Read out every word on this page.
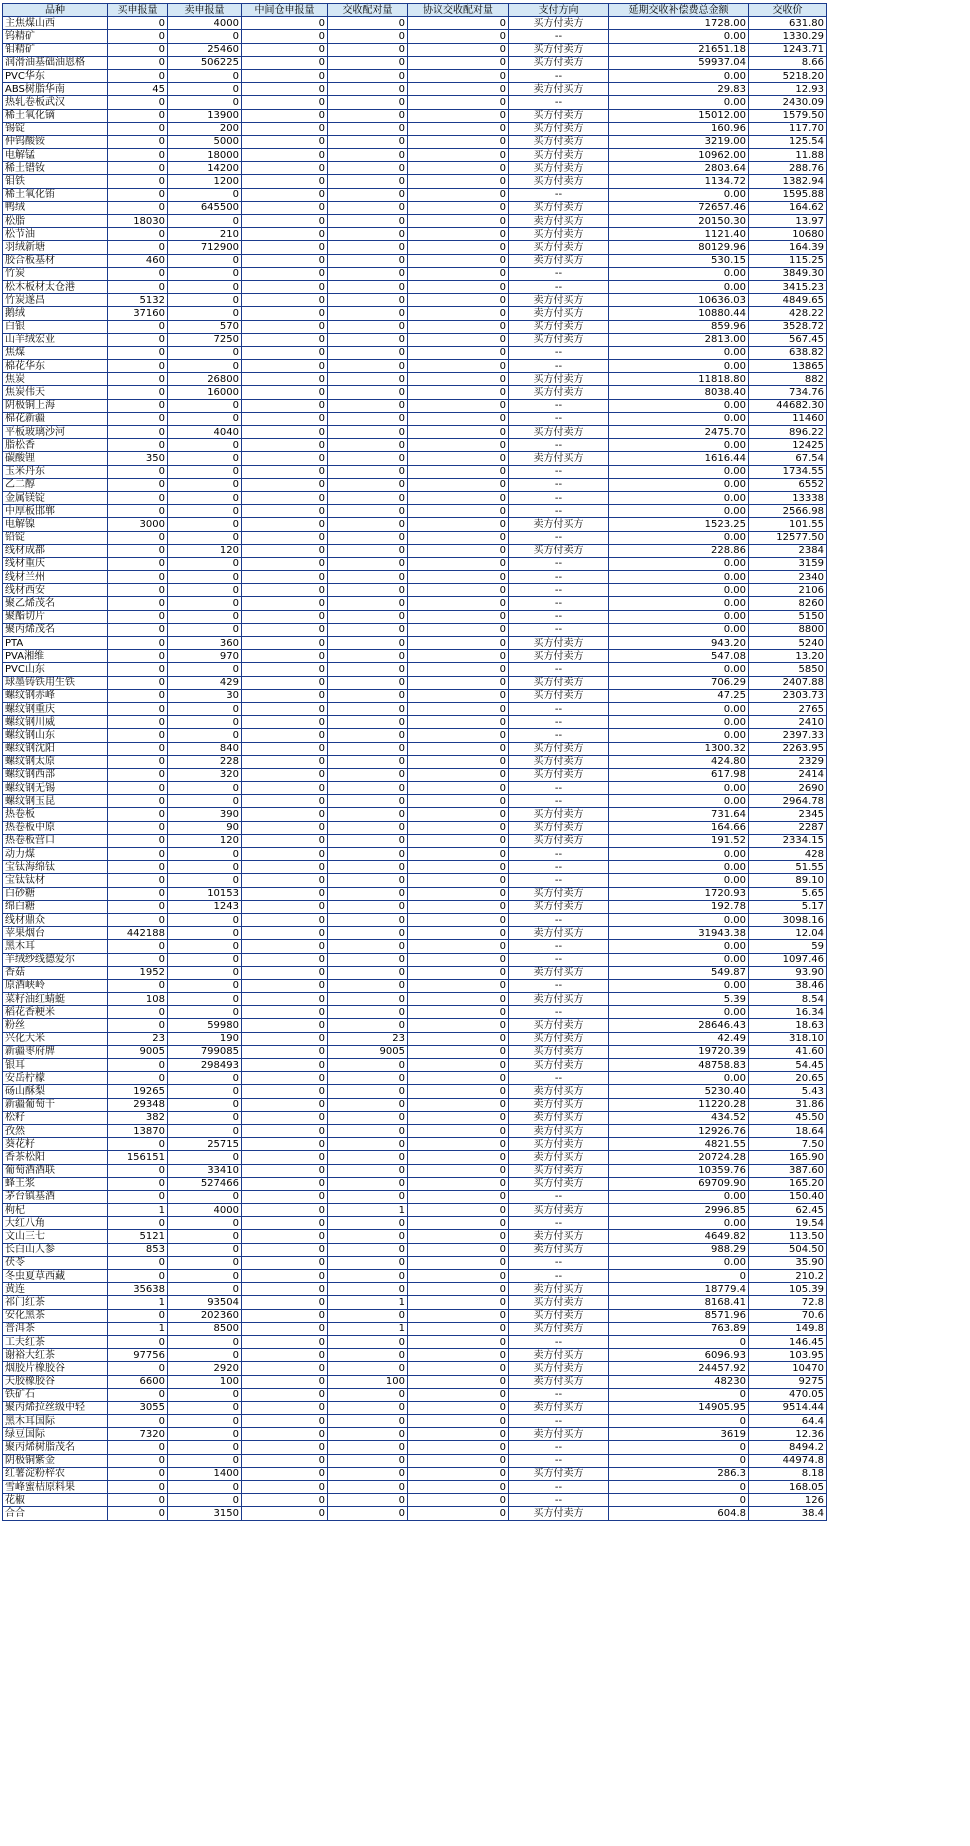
品种	买申报量	卖申报量	中间仓申报量	交收配对量	协议交收配对量	支付方向	延期交收补偿费总金额	交收价
主焦煤山西	0	4000	0	0	0	买方付卖方	1728.00	631.80
钨精矿	0	0	0	0	0	--	0.00	1330.29
钼精矿	0	25460	0	0	0	买方付卖方	21651.18	1243.71
润滑油基础油恩格	0	506225	0	0	0	买方付卖方	59937.04	8.66
PVC华东	0	0	0	0	0	--	0.00	5218.20
ABS树脂华南	45	0	0	0	0	卖方付买方	29.83	12.93
热轧卷板武汉	0	0	0	0	0	--	0.00	2430.09
稀土氧化镝	0	13900	0	0	0	买方付卖方	15012.00	1579.50
锡锭	0	200	0	0	0	买方付卖方	160.96	117.70
仲钨酸铵	0	5000	0	0	0	买方付卖方	3219.00	125.54
电解锰	0	18000	0	0	0	买方付卖方	10962.00	11.88
稀土镨钕	0	14200	0	0	0	买方付卖方	2803.64	288.76
钼铁	0	1200	0	0	0	买方付卖方	1134.72	1382.94
稀土氧化铕	0	0	0	0	0	--	0.00	1595.88
鸭绒	0	645500	0	0	0	买方付卖方	72657.46	164.62
松脂	18030	0	0	0	0	卖方付买方	20150.30	13.97
松节油	0	210	0	0	0	买方付卖方	1121.40	10680
羽绒新塘	0	712900	0	0	0	买方付卖方	80129.96	164.39
胶合板基材	460	0	0	0	0	卖方付买方	530.15	115.25
竹炭	0	0	0	0	0	--	0.00	3849.30
松木板材太仓港	0	0	0	0	0	--	0.00	3415.23
竹炭遂昌	5132	0	0	0	0	卖方付买方	10636.03	4849.65
鹅绒	37160	0	0	0	0	卖方付买方	10880.44	428.22
白银	0	570	0	0	0	买方付卖方	859.96	3528.72
山羊绒宏业	0	7250	0	0	0	买方付卖方	2813.00	567.45
焦煤	0	0	0	0	0	--	0.00	638.82
棉花华东	0	0	0	0	0	--	0.00	13865
焦炭	0	26800	0	0	0	买方付卖方	11818.80	882
焦炭伟天	0	16000	0	0	0	买方付卖方	8038.40	734.76
阴极铜上海	0	0	0	0	0	--	0.00	44682.30
棉花新疆	0	0	0	0	0	--	0.00	11460
平板玻璃沙河	0	4040	0	0	0	买方付卖方	2475.70	896.22
脂松香	0	0	0	0	0	--	0.00	12425
碳酸锂	350	0	0	0	0	卖方付买方	1616.44	67.54
玉米丹东	0	0	0	0	0	--	0.00	1734.55
乙二醇	0	0	0	0	0	--	0.00	6552
金属镁锭	0	0	0	0	0	--	0.00	13338
中厚板邯郸	0	0	0	0	0	--	0.00	2566.98
电解镍	3000	0	0	0	0	卖方付买方	1523.25	101.55
铅锭	0	0	0	0	0	--	0.00	12577.50
线材成都	0	120	0	0	0	买方付卖方	228.86	2384
线材重庆	0	0	0	0	0	--	0.00	3159
线材兰州	0	0	0	0	0	--	0.00	2340
线材西安	0	0	0	0	0	--	0.00	2106
聚乙烯茂名	0	0	0	0	0	--	0.00	8260
聚酯切片	0	0	0	0	0	--	0.00	5150
聚丙烯茂名	0	0	0	0	0	--	0.00	8800
PTA	0	360	0	0	0	买方付卖方	943.20	5240
PVA湘维	0	970	0	0	0	买方付卖方	547.08	13.20
PVC山东	0	0	0	0	0	--	0.00	5850
球墨铸铁用生铁	0	429	0	0	0	买方付卖方	706.29	2407.88
螺纹钢赤峰	0	30	0	0	0	买方付卖方	47.25	2303.73
螺纹钢重庆	0	0	0	0	0	--	0.00	2765
螺纹钢川威	0	0	0	0	0	--	0.00	2410
螺纹钢山东	0	0	0	0	0	--	0.00	2397.33
螺纹钢沈阳	0	840	0	0	0	买方付卖方	1300.32	2263.95
螺纹钢太原	0	228	0	0	0	买方付卖方	424.80	2329
螺纹钢西部	0	320	0	0	0	买方付卖方	617.98	2414
螺纹钢无锡	0	0	0	0	0	--	0.00	2690
螺纹钢玉昆	0	0	0	0	0	--	0.00	2964.78
热卷板	0	390	0	0	0	买方付卖方	731.64	2345
热卷板中原	0	90	0	0	0	买方付卖方	164.66	2287
热卷板营口	0	120	0	0	0	买方付卖方	191.52	2334.15
动力煤	0	0	0	0	0	--	0.00	428
宝钛海绵钛	0	0	0	0	0	--	0.00	51.55
宝钛钛材	0	0	0	0	0	--	0.00	89.10
白砂糖	0	10153	0	0	0	买方付卖方	1720.93	5.65
绵白糖	0	1243	0	0	0	买方付卖方	192.78	5.17
线材鼎众	0	0	0	0	0	--	0.00	3098.16
苹果烟台	442188	0	0	0	0	卖方付买方	31943.38	12.04
黑木耳	0	0	0	0	0	--	0.00	59
羊绒纱线德爱尔	0	0	0	0	0	--	0.00	1097.46
香菇	1952	0	0	0	0	卖方付买方	549.87	93.90
原酒峡岭	0	0	0	0	0	--	0.00	38.46
菜籽油红蜻蜓	108	0	0	0	0	卖方付买方	5.39	8.54
稻花香粳米	0	0	0	0	0	--	0.00	16.34
粉丝	0	59980	0	0	0	买方付卖方	28646.43	18.63
兴化大米	23	190	0	23	0	买方付卖方	42.49	318.10
新疆枣府牌	9005	799085	0	9005	0	买方付卖方	19720.39	41.60
银耳	0	298493	0	0	0	买方付卖方	48758.83	54.45
安岳柠檬	0	0	0	0	0	--	0.00	20.65
砀山酥梨	19265	0	0	0	0	卖方付买方	5230.40	5.43
新疆葡萄干	29348	0	0	0	0	卖方付买方	11220.28	31.86
松籽	382	0	0	0	0	卖方付买方	434.52	45.50
孜然	13870	0	0	0	0	卖方付买方	12926.76	18.64
葵花籽	0	25715	0	0	0	买方付卖方	4821.55	7.50
香茶松阳	156151	0	0	0	0	卖方付买方	20724.28	165.90
葡萄酒酒联	0	33410	0	0	0	买方付卖方	10359.76	387.60
蜂王浆	0	527466	0	0	0	买方付卖方	69709.90	165.20
茅台镇基酒	0	0	0	0	0	--	0.00	150.40
枸杞	1	4000	0	1	0	买方付卖方	2996.85	62.45
大红八角	0	0	0	0	0	--	0.00	19.54
文山三七	5121	0	0	0	0	卖方付买方	4649.82	113.50
长白山人参	853	0	0	0	0	卖方付买方	988.29	504.50
茯苓	0	0	0	0	0	--	0.00	35.90
冬虫夏草西藏	0	0	0	0	0	--	0	210.2
黄连	35638	0	0	0	0	卖方付买方	18779.4	105.39
祁门红茶	1	93504	0	1	0	买方付卖方	8168.41	72.8
安化黑茶	0	202360	0	0	0	买方付卖方	8571.96	70.6
普洱茶	1	8500	0	1	0	买方付卖方	763.89	149.8
工夫红茶	0	0	0	0	0	--	0	146.45
谢裕大红茶	97756	0	0	0	0	卖方付买方	6096.93	103.95
烟胶片橡胶谷	0	2920	0	0	0	买方付卖方	24457.92	10470
天胶橡胶谷	6600	100	0	100	0	卖方付买方	48230	9275
铁矿石	0	0	0	0	0	--	0	470.05
聚丙烯拉丝级中轻	3055	0	0	0	0	卖方付买方	14905.95	9514.44
黑木耳国际	0	0	0	0	0	--	0	64.4
绿豆国际	7320	0	0	0	0	卖方付买方	3619	12.36
聚丙烯树脂茂名	0	0	0	0	0	--	0	8494.2
阴极铜紫金	0	0	0	0	0	--	0	44974.8
红薯淀粉梓农	0	1400	0	0	0	买方付卖方	286.3	8.18
雪峰蜜桔原料果	0	0	0	0	0	--	0	168.05
花椒	0	0	0	0	0	--	0	126
合合	0	3150	0	0	0	买方付卖方	604.8	38.4
